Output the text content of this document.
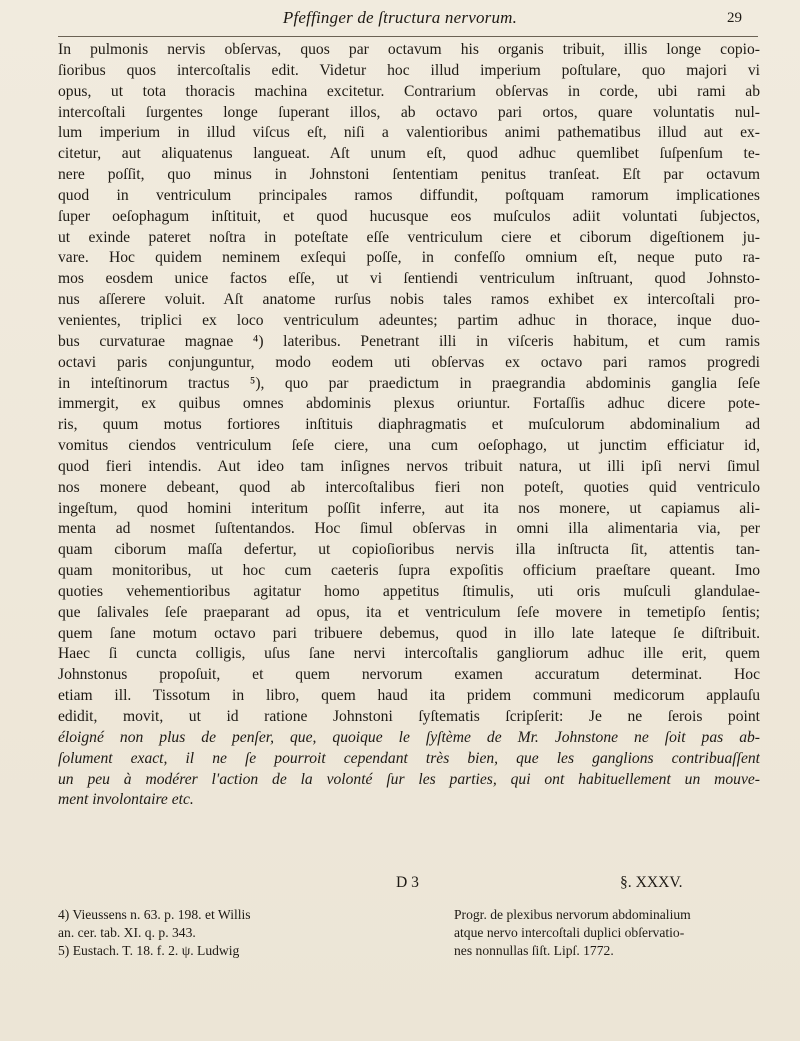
Pfeffinger de ſtructura nervorum.	29
In pulmonis nervis obſervas, quos par octavum his organis tribuit, illis longe copio-
ſioribus quos intercoſtalis edit. Videtur hoc illud imperium poſtulare, quo majori vi
opus, ut tota thoracis machina excitetur. Contrarium obſervas in corde, ubi rami ab
intercoſtali ſurgentes longe ſuperant illos, ab octavo pari ortos, quare voluntatis nul-
lum imperium in illud viſcus eſt, niſi a valentioribus animi pathematibus illud aut ex-
citetur, aut aliquatenus langueat. Aſt unum eſt, quod adhuc quemlibet ſuſpenſum te-
nere poſſit, quo minus in Johnstoni ſententiam penitus tranſeat. Eſt par octavum
quod in ventriculum principales ramos diffundit, poſtquam ramorum implicationes
ſuper oeſophagum inſtituit, et quod hucusque eos muſculos adiit voluntati ſubjectos,
ut exinde pateret noſtra in poteſtate eſſe ventriculum ciere et ciborum digeſtionem ju-
vare. Hoc quidem neminem exſequi poſſe, in confeſſo omnium eſt, neque puto ra-
mos eosdem unice factos eſſe, ut vi ſentiendi ventriculum inſtruant, quod Johnsto-
nus aſſerere voluit. Aſt anatome rurſus nobis tales ramos exhibet ex intercoſtali pro-
venientes, triplici ex loco ventriculum adeuntes; partim adhuc in thorace, inque duo-
bus curvaturae magnae ⁴) lateribus. Penetrant illi in viſceris habitum, et cum ramis
octavi paris conjunguntur, modo eodem uti obſervas ex octavo pari ramos progredi
in inteſtinorum tractus ⁵), quo par praedictum in praegrandia abdominis ganglia ſeſe
immergit, ex quibus omnes abdominis plexus oriuntur. Fortaſſis adhuc dicere pote-
ris, quum motus fortiores inſtituis diaphragmatis et muſculorum abdominalium ad
vomitus ciendos ventriculum ſeſe ciere, una cum oeſophago, ut junctim efficiatur id,
quod fieri intendis. Aut ideo tam inſignes nervos tribuit natura, ut illi ipſi nervi ſimul
nos monere debeant, quod ab intercoſtalibus fieri non poteſt, quoties quid ventriculo
ingeſtum, quod homini interitum poſſit inferre, aut ita nos monere, ut capiamus ali-
menta ad nosmet ſuſtentandos. Hoc ſimul obſervas in omni illa alimentaria via, per
quam ciborum maſſa defertur, ut copioſioribus nervis illa inſtructa ſit, attentis tan-
quam monitoribus, ut hoc cum caeteris ſupra expoſitis officium praeſtare queant. Imo
quoties vehementioribus agitatur homo appetitus ſtimulis, uti oris muſculi glandulae-
que ſalivales ſeſe praeparant ad opus, ita et ventriculum ſeſe movere in temetipſo ſentis;
quem ſane motum octavo pari tribuere debemus, quod in illo late lateque ſe diſtribuit.
Haec ſi cuncta colligis, uſus ſane nervi intercoſtalis gangliorum adhuc ille erit, quem
Johnstonus propoſuit, et quem nervorum examen accuratum determinat. Hoc
etiam ill. Tissotum in libro, quem haud ita pridem communi medicorum applauſu
edidit, movit, ut id ratione Johnstoni ſyſtematis ſcripſerit: Je ne ſerois point
éloigné non plus de penſer, que, quoique le ſyſtème de Mr. Johnstone ne ſoit pas ab-
ſolument exact, il ne ſe pourroit cependant très bien, que les ganglions contribuaſſent
un peu à modérer l'action de la volonté ſur les parties, qui ont habituellement un mouve-
ment involontaire etc.
D 3	§. XXXV.
4) Vieussens n. 63. p. 198. et Willis	Progr. de plexibus nervorum abdominalium
an. cer. tab. XI. q. p. 343.	atque nervo intercoſtali duplici obſervatio-
5) Eustach. T. 18. f. 2. ψ. Ludwig	nes nonnullas ſiſt. Lipſ. 1772.
